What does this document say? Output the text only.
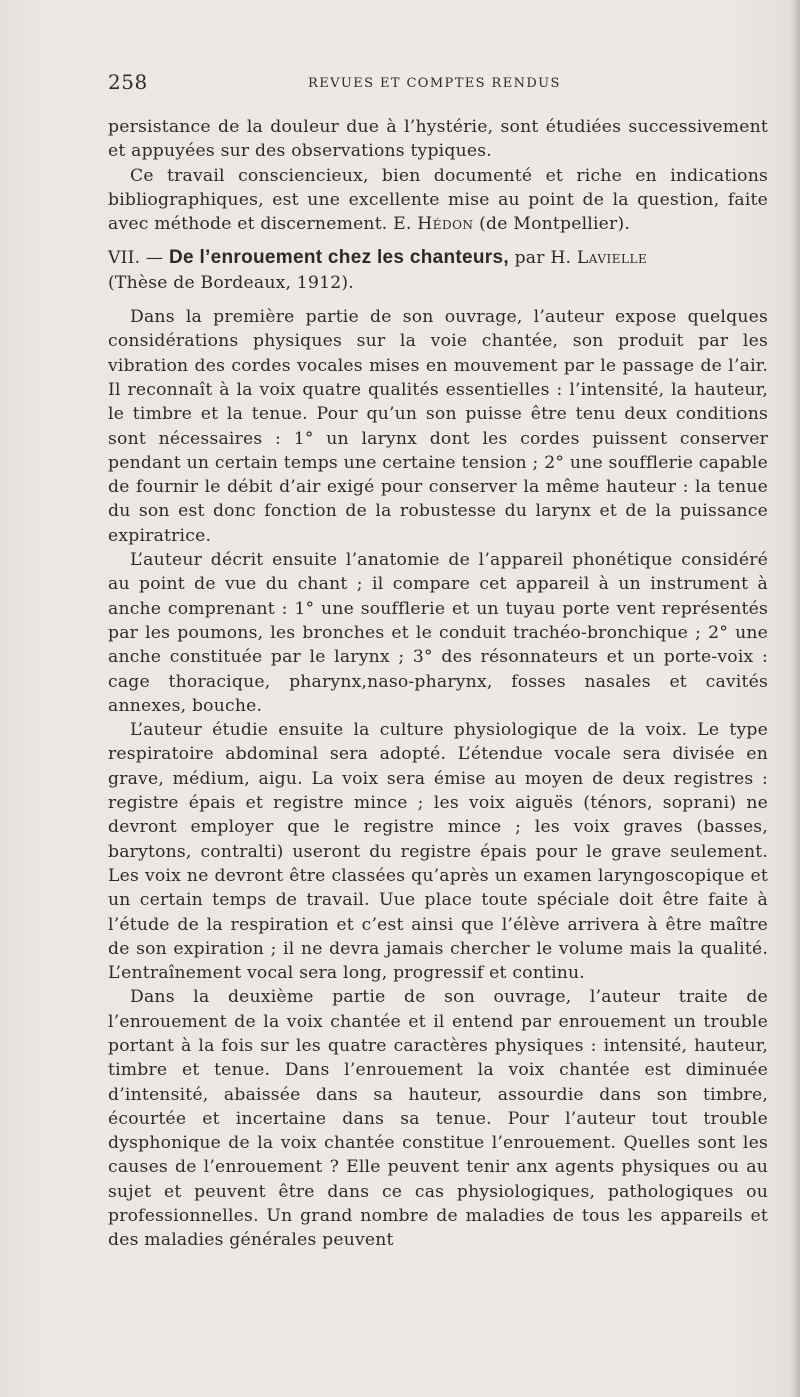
258	REVUES ET COMPTES RENDUS

persistance de la douleur due à l’hystérie, sont étudiées successivement et appuyées sur des observations typiques.

Ce travail consciencieux, bien documenté et riche en indications bibliographiques, est une excellente mise au point de la question, faite avec méthode et discernement. E. Hédon (de Montpellier).

VII. — De l’enrouement chez les chanteurs, par H. Lavielle
(Thèse de Bordeaux, 1912).

Dans la première partie de son ouvrage, l’auteur expose quelques considérations physiques sur la voie chantée, son produit par les vibration des cordes vocales mises en mouvement par le passage de l’air. Il reconnaît à la voix quatre qualités essentielles : l’intensité, la hauteur, le timbre et la tenue. Pour qu’un son puisse être tenu deux conditions sont nécessaires : 1° un larynx dont les cordes puissent conserver pendant un certain temps une certaine tension ; 2° une soufflerie capable de fournir le débit d’air exigé pour conserver la même hauteur : la tenue du son est donc fonction de la robustesse du larynx et de la puissance expiratrice.

L’auteur décrit ensuite l’anatomie de l’appareil phonétique considéré au point de vue du chant ; il compare cet appareil à un instrument à anche comprenant : 1° une soufflerie et un tuyau porte vent représentés par les poumons, les bronches et le conduit trachéo-bronchique ; 2° une anche constituée par le larynx ; 3° des résonnateurs et un porte-voix : cage thoracique, pharynx,naso-pharynx, fosses nasales et cavités annexes, bouche.

L’auteur étudie ensuite la culture physiologique de la voix. Le type respiratoire abdominal sera adopté. L’étendue vocale sera divisée en grave, médium, aigu. La voix sera émise au moyen de deux registres : registre épais et registre mince ; les voix aiguës (ténors, soprani) ne devront employer que le registre mince ; les voix graves (basses, barytons, contralti) useront du registre épais pour le grave seulement. Les voix ne devront être classées qu’après un examen laryngoscopique et un certain temps de travail. Uue place toute spéciale doit être faite à l’étude de la respiration et c’est ainsi que l’élève arrivera à être maître de son expiration ; il ne devra jamais chercher le volume mais la qualité. L’entraînement vocal sera long, progressif et continu.

Dans la deuxième partie de son ouvrage, l’auteur traite de l’enrouement de la voix chantée et il entend par enrouement un trouble portant à la fois sur les quatre caractères physiques : intensité, hauteur, timbre et tenue. Dans l’enrouement la voix chantée est diminuée d’intensité, abaissée dans sa hauteur, assourdie dans son timbre, écourtée et incertaine dans sa tenue. Pour l’auteur tout trouble dysphonique de la voix chantée constitue l’enrouement. Quelles sont les causes de l’enrouement ? Elle peuvent tenir anx agents physiques ou au sujet et peuvent être dans ce cas physiologiques, pathologiques ou professionnelles. Un grand nombre de maladies de tous les appareils et des maladies générales peuvent
